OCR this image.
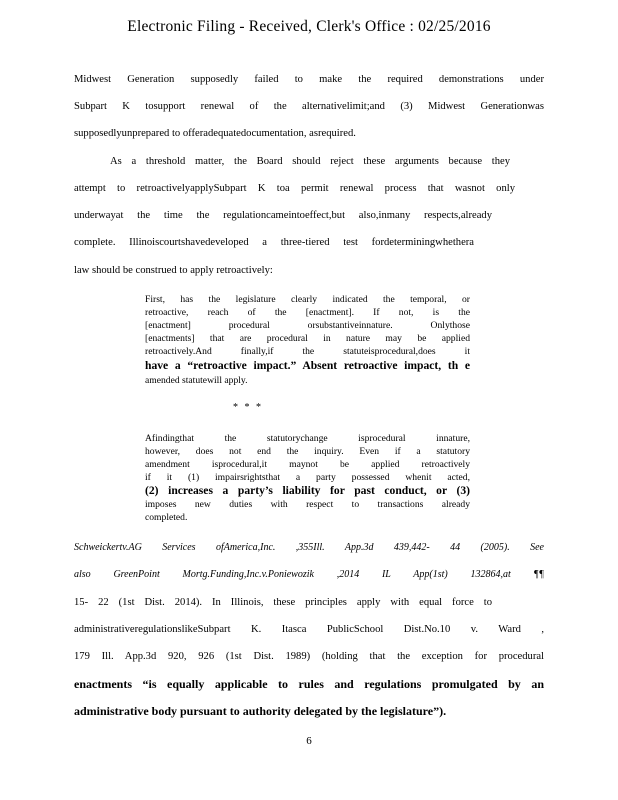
Electronic Filing - Received, Clerk's Office : 02/25/2016
Midwest Generation supposedly failed to make the required demonstrations under
Subpart K tosupport renewal of the alternativelimit;and (3) Midwest Generationwas
supposedlyunprepared to offeradequatedocumentation, asrequired.
As a threshold matter, the Board should reject these arguments because they
attempt to retroactivelyapplySubpart K toa permit renewal process that wasnot only
underwayat the time the regulationcameintoeffect,but also,inmany respects,already
complete. Illinoiscourtshavedeveloped a three-tiered test fordeterminingwhethera
law should be construed to apply retroactively:
First, has the legislature clearly indicated the temporal, or
retroactive, reach of the [enactment]. If not, is the
[enactment] procedural orsubstantiveinnature. Onlythose
[enactments] that are procedural in nature may be applied
retroactively.And finally,if the statuteisprocedural,does it
have a “retroactive impact.” Absent retroactive impact, th e
amended statutewill apply.
* * *
Afindingthat the statutorychange isprocedural innature,
however, does not end the inquiry. Even if a statutory
amendment isprocedural,it maynot be applied retroactively
if it (1) impairsrightsthat a party possessed whenit acted,
(2) increases a party’s liability for past conduct, or (3)
imposes new duties with respect to transactions already
completed.
Schweickertv.AG Services ofAmerica,Inc. ,355Ill. App.3d 439,442- 44 (2005). See
also GreenPoint Mortg.Funding,Inc.v.Poniewozik ,2014 IL App(1st) 132864,at ¶¶
15- 22 (1st Dist. 2014). In Illinois, these principles apply with equal force to
administrativeregulationslikeSubpart K. Itasca PublicSchool Dist.No.10 v. Ward ,
179 Ill. App.3d 920, 926 (1st Dist. 1989) (holding that the exception for procedural
enactments “is equally applicable to rules and regulations promulgated by an
administrative body pursuant to authority delegated by the legislature”).
6
